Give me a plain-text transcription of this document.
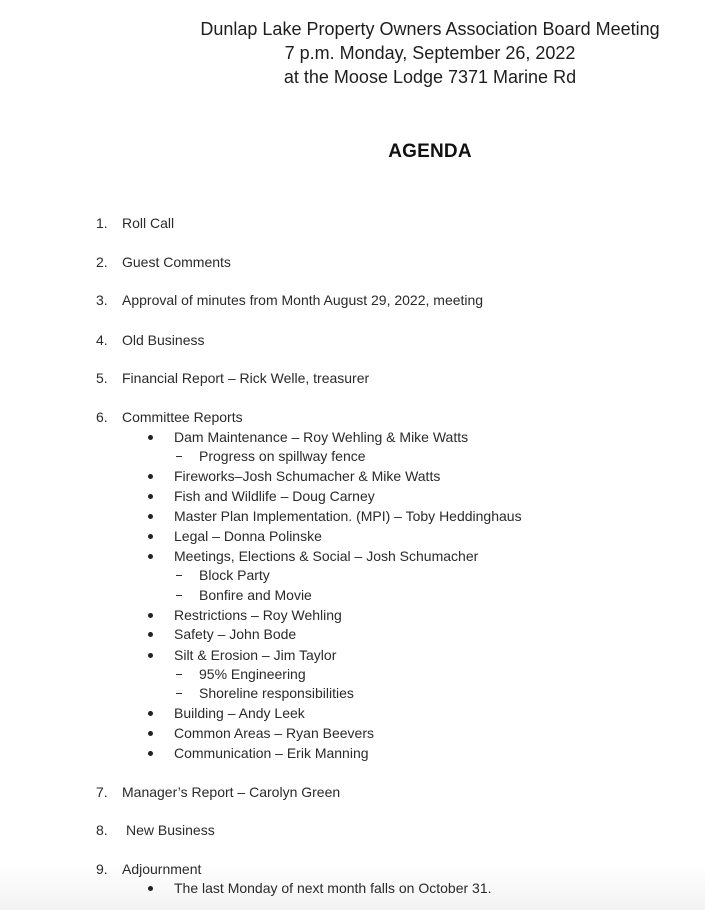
Dunlap Lake Property Owners Association Board Meeting
7 p.m. Monday, September 26, 2022
at the Moose Lodge 7371 Marine Rd
AGENDA
1. Roll Call
2. Guest Comments
3. Approval of minutes from Month August 29, 2022, meeting
4. Old Business
5. Financial Report – Rick Welle, treasurer
6. Committee Reports
Dam Maintenance – Roy Wehling & Mike Watts
Progress on spillway fence
Fireworks–Josh Schumacher & Mike Watts
Fish and Wildlife – Doug Carney
Master Plan Implementation. (MPI) – Toby Heddinghaus
Legal – Donna Polinske
Meetings, Elections & Social – Josh Schumacher
Block Party
Bonfire and Movie
Restrictions – Roy Wehling
Safety – John Bode
Silt & Erosion – Jim Taylor
95% Engineering
Shoreline responsibilities
Building – Andy Leek
Common Areas – Ryan Beevers
Communication – Erik Manning
7. Manager’s Report – Carolyn Green
8. New Business
9. Adjournment
The last Monday of next month falls on October 31.
